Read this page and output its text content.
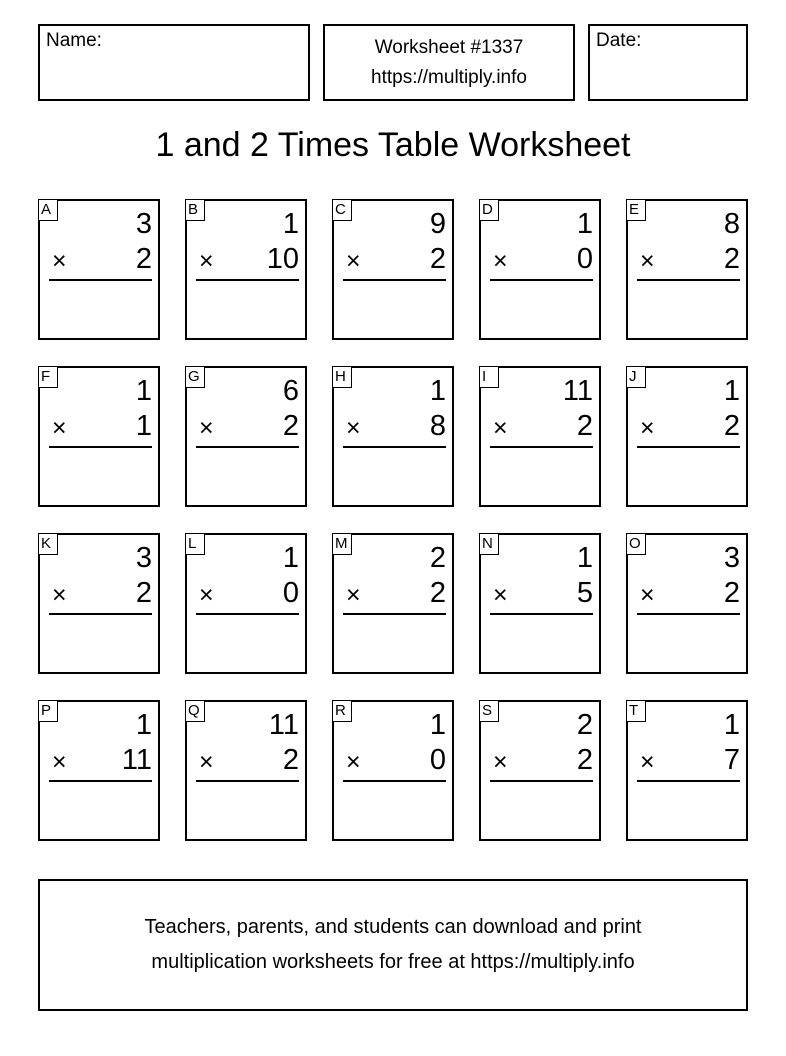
Name:	Worksheet #1337
https://multiply.info
Date:
1 and 2 Times Table Worksheet
A	3
× 2
B	1
× 10
C	9
× 2
D	1
× 0
E	8
× 2
F	1
× 1
G	6
× 2
H	1
× 8
I	11
× 2
J	1
× 2
K	3
× 2
L	1
× 0
M	2
× 2
N	1
× 5
O	3
× 2
P	1
× 11
Q 11
× 2
R	1
× 0
S	2
× 2
T	1
× 7
Teachers, parents, and students can download and print
multiplication worksheets for free at https://multiply.info
